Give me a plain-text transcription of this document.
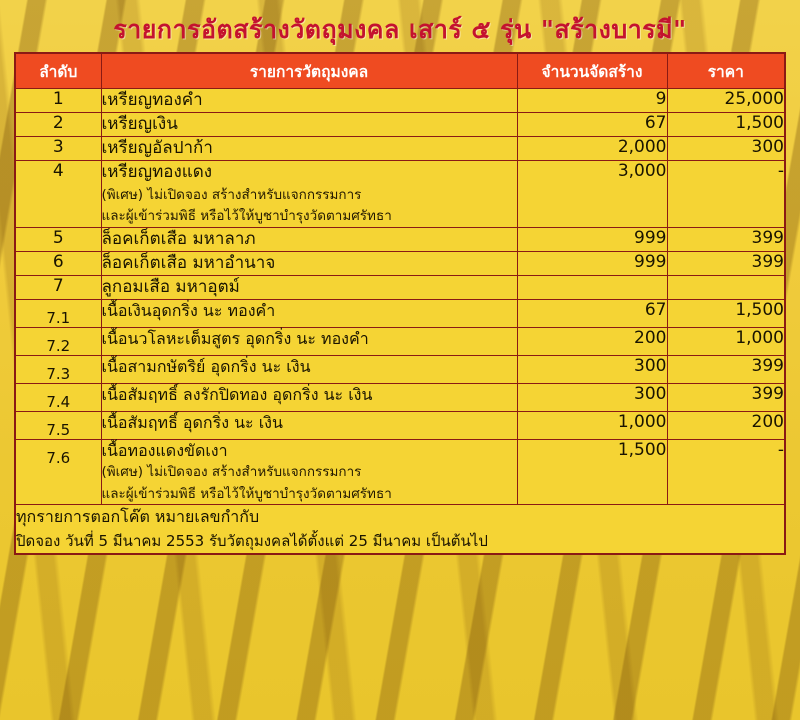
รายการอัตสร้างวัตถุมงคล เสาร์ ๕ รุ่น "สร้างบารมี"
ลำดับ	รายการวัตถุมงคล	จำนวนจัดสร้าง	ราคา
1	เหรียญทองคำ	9	25,000
2	เหรียญเงิน	67	1,500
3	เหรียญอัลปาก้า	2,000	300
4	เหรียญทองแดง
(พิเศษ) ไม่เปิดจอง สร้างสำหรับแจกกรรมการ
และผู้เข้าร่วมพิธี หรือไว้ให้บูชาบำรุงวัดตามศรัทธา	3,000	-
5	ล็อคเก็ตเสือ มหาลาภ	999	399
6	ล็อคเก็ตเสือ มหาอำนาจ	999	399
7	ลูกอมเสือ มหาอุตม์		

7.1	เนื้อเงินอุดกริ่ง นะ ทองคำ	67	1,500
7.2	เนื้อนวโลหะเต็มสูตร อุดกริ่ง นะ ทองคำ	200	1,000
7.3	เนื้อสามกษัตริย์ อุดกริ่ง นะ เงิน	300	399
7.4	เนื้อสัมฤทธิ์ ลงรักปิดทอง อุดกริ่ง นะ เงิน	300	399
7.5	เนื้อสัมฤทธิ์ อุดกริ่ง นะ เงิน	1,000	200
7.6	เนื้อทองแดงขัดเงา
(พิเศษ) ไม่เปิดจอง สร้างสำหรับแจกกรรมการ
และผู้เข้าร่วมพิธี หรือไว้ให้บูชาบำรุงวัดตามศรัทธา	1,500	-

ทุกรายการตอกโค๊ต หมายเลขกำกับ
ปิดจอง วันที่ 5 มีนาคม 2553 รับวัตถุมงคลได้ตั้งแต่ 25 มีนาคม เป็นต้นไป			
